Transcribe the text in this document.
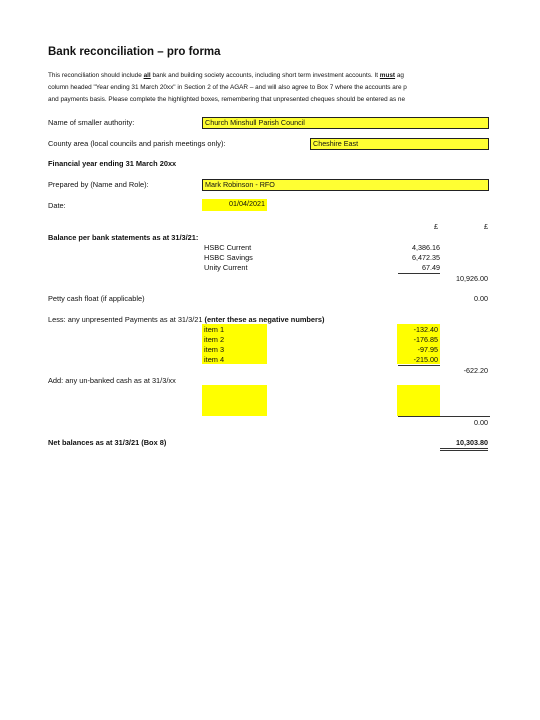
Bank reconciliation – pro forma
This reconciliation should include all bank and building society accounts, including short term investment accounts. It must ag
column headed "Year ending 31 March 20xx" in Section 2 of the AGAR – and will also agree to Box 7 where the accounts are p
and payments basis. Please complete the highlighted boxes, remembering that unpresented cheques should be entered as ne
Name of smaller authority:	Church Minshull Parish Council
County area (local councils and parish meetings only):	Cheshire East
Financial year ending 31 March 20xx
Prepared by (Name and Role):	Mark Robinson - RFO
Date:	01/04/2021
£	£
Balance per bank statements as at 31/3/21:
HSBC Current	4,386.16
HSBC Savings	6,472.35
Unity Current	67.49
10,926.00
Petty cash float (if applicable)	0.00
Less: any unpresented Payments as at 31/3/21 (enter these as negative numbers)
item 1	-132.40
item 2	-176.85
item 3	-97.95
item 4	-215.00
-622.20
Add: any un-banked cash as at 31/3/xx
0.00
Net balances as at 31/3/21 (Box 8)	10,303.80
